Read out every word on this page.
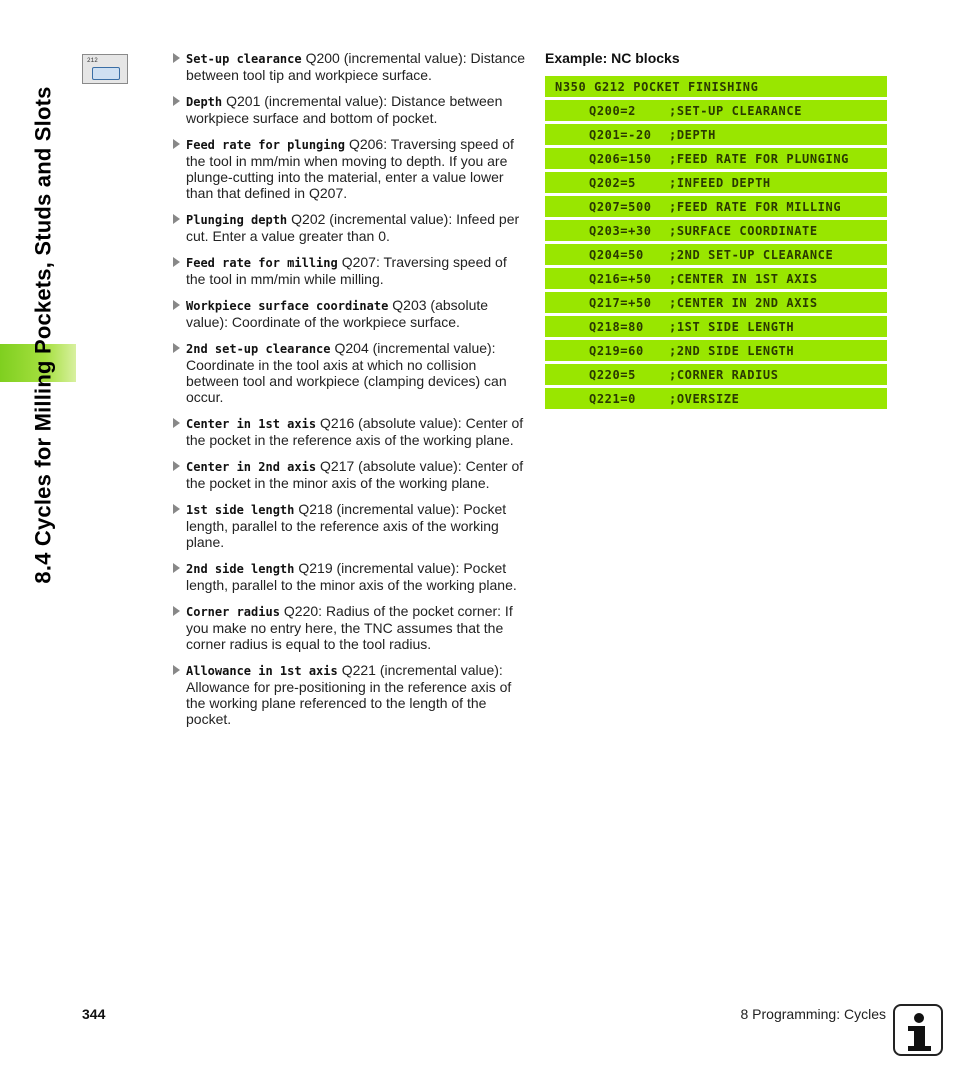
8.4 Cycles for Milling Pockets, Studs and Slots
212	Set-up clearance Q200 (incremental value): Distance between tool tip and workpiece surface.
Depth Q201 (incremental value): Distance between workpiece surface and bottom of pocket.
Feed rate for plunging Q206: Traversing speed of the tool in mm/min when moving to depth. If you are plunge-cutting into the material, enter a value lower than that defined in Q207.
Plunging depth Q202 (incremental value): Infeed per cut. Enter a value greater than 0.
Feed rate for milling Q207: Traversing speed of the tool in mm/min while milling.
Workpiece surface coordinate Q203 (absolute value): Coordinate of the workpiece surface.
2nd set-up clearance Q204 (incremental value): Coordinate in the tool axis at which no collision between tool and workpiece (clamping devices) can occur.
Center in 1st axis Q216 (absolute value): Center of the pocket in the reference axis of the working plane.
Center in 2nd axis Q217 (absolute value): Center of the pocket in the minor axis of the working plane.
1st side length Q218 (incremental value): Pocket length, parallel to the reference axis of the working plane.
2nd side length Q219 (incremental value): Pocket length, parallel to the minor axis of the working plane.
Corner radius Q220: Radius of the pocket corner: If you make no entry here, the TNC assumes that the corner radius is equal to the tool radius.
Allowance in 1st axis Q221 (incremental value): Allowance for pre-positioning in the reference axis of the working plane referenced to the length of the pocket.
Example: NC blocks
N350 G212 POCKET FINISHING
Q200=2	;SET-UP CLEARANCE
Q201=-20	;DEPTH
Q206=150	;FEED RATE FOR PLUNGING
Q202=5	;INFEED DEPTH
Q207=500	;FEED RATE FOR MILLING
Q203=+30	;SURFACE COORDINATE
Q204=50	;2ND SET-UP CLEARANCE
Q216=+50	;CENTER IN 1ST AXIS
Q217=+50	;CENTER IN 2ND AXIS
Q218=80	;1ST SIDE LENGTH
Q219=60	;2ND SIDE LENGTH
Q220=5	;CORNER RADIUS
Q221=0	;OVERSIZE
344	8 Programming: Cycles
